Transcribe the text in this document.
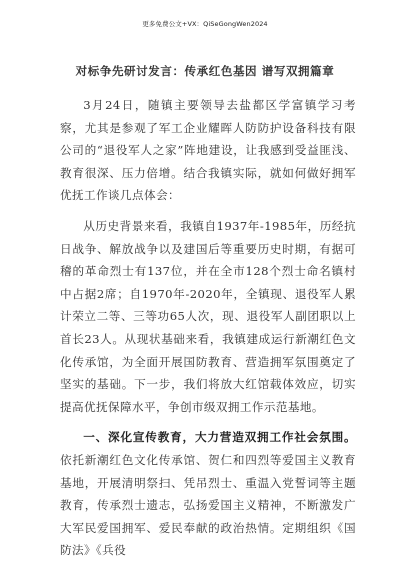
更多免费公文+VX：QiSeGongWen2024
对标争先研讨发言：传承红色基因 谱写双拥篇章

3月24日，随镇主要领导去盐都区学富镇学习考察，尤其是参观了军工企业耀晖人防防护设备科技有限公司的“退役军人之家”阵地建设，让我感到受益匪浅、教育很深、压力倍增。结合我镇实际，就如何做好拥军优抚工作谈几点体会：

从历史背景来看，我镇自1937年-1985年，历经抗日战争、解放战争以及建国后等重要历史时期，有据可稽的革命烈士有137位，并在全市128个烈士命名镇村中占据2席；自1970年-2020年，全镇现、退役军人累计荣立二等、三等功65人次，现、退役军人副团职以上首长23人。从现状基础来看，我镇建成运行新潮红色文化传承馆，为全面开展国防教育、营造拥军氛围奠定了坚实的基础。下一步，我们将放大红馆载体效应，切实提高优抚保障水平，争创市级双拥工作示范基地。

一、深化宣传教育，大力营造双拥工作社会氛围。依托新潮红色文化传承馆、贺仁和四烈等爱国主义教育基地，开展清明祭扫、凭吊烈士、重温入党誓词等主题教育，传承烈士遗志，弘扬爱国主义精神，不断激发广大军民爱国拥军、爱民奉献的政治热情。定期组织《国防法》《兵役
